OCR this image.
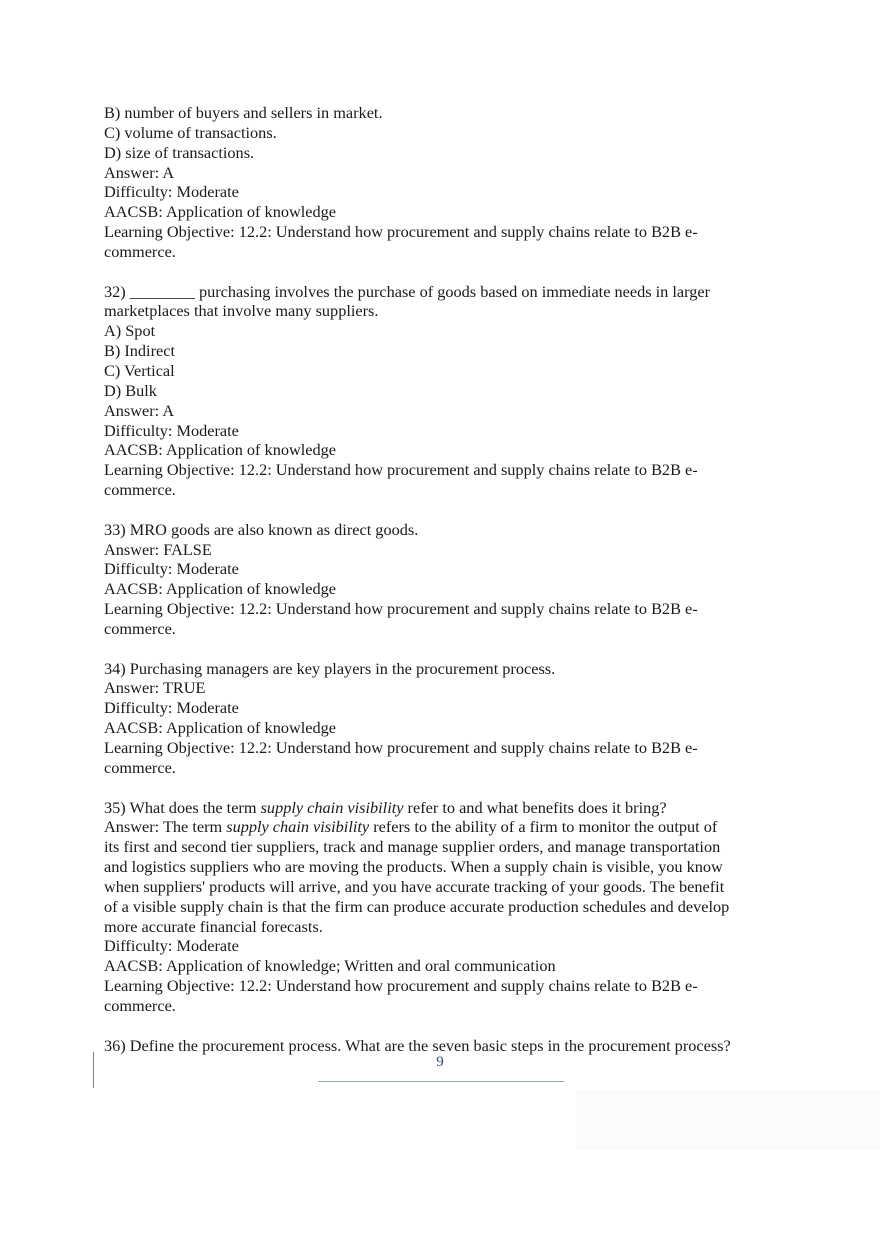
B) number of buyers and sellers in market.
C) volume of transactions.
D) size of transactions.
Answer: A
Difficulty: Moderate
AACSB: Application of knowledge
Learning Objective: 12.2: Understand how procurement and supply chains relate to B2B e-
commerce.
32) ________ purchasing involves the purchase of goods based on immediate needs in larger
marketplaces that involve many suppliers.
A) Spot
B) Indirect
C) Vertical
D) Bulk
Answer: A
Difficulty: Moderate
AACSB: Application of knowledge
Learning Objective: 12.2: Understand how procurement and supply chains relate to B2B e-
commerce.
33) MRO goods are also known as direct goods.
Answer: FALSE
Difficulty: Moderate
AACSB: Application of knowledge
Learning Objective: 12.2: Understand how procurement and supply chains relate to B2B e-
commerce.
34) Purchasing managers are key players in the procurement process.
Answer: TRUE
Difficulty: Moderate
AACSB: Application of knowledge
Learning Objective: 12.2: Understand how procurement and supply chains relate to B2B e-
commerce.
35) What does the term supply chain visibility refer to and what benefits does it bring?
Answer: The term supply chain visibility refers to the ability of a firm to monitor the output of
its first and second tier suppliers, track and manage supplier orders, and manage transportation
and logistics suppliers who are moving the products. When a supply chain is visible, you know
when suppliers' products will arrive, and you have accurate tracking of your goods. The benefit
of a visible supply chain is that the firm can produce accurate production schedules and develop
more accurate financial forecasts.
Difficulty: Moderate
AACSB: Application of knowledge; Written and oral communication
Learning Objective: 12.2: Understand how procurement and supply chains relate to B2B e-
commerce.
36) Define the procurement process. What are the seven basic steps in the procurement process?
9
